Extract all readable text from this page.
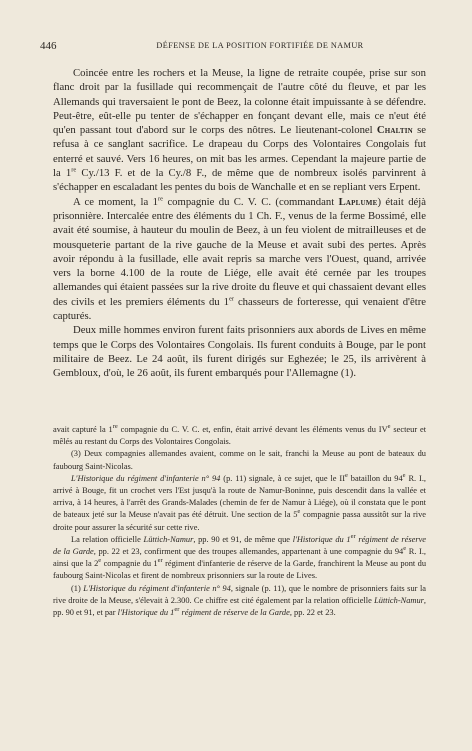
446	DÉFENSE DE LA POSITION FORTIFIÉE DE NAMUR

Coincée entre les rochers et la Meuse, la ligne de retraite coupée, prise sur son flanc droit par la fusillade qui recommençait de l'autre côté du fleuve, et par les Allemands qui traversaient le pont de Beez, la colonne était impuissante à se défendre. Peut-être, eût-elle pu tenter de s'échapper en fonçant devant elle, mais ce n'eut été qu'en passant tout d'abord sur le corps des nôtres. Le lieutenant-colonel Chaltin se refusa à ce sanglant sacrifice. Le drapeau du Corps des Volontaires Congolais fut enterré et sauvé. Vers 16 heures, on mit bas les armes. Cependant la majeure partie de la 1re Cy./13 F. et de la Cy./8 F., de même que de nombreux isolés parvinrent à s'échapper en escaladant les pentes du bois de Wanchalle et en se repliant vers Erpent.

A ce moment, la 1re compagnie du C. V. C. (commandant Laplume) était déjà prisonnière. Intercalée entre des éléments du 1 Ch. F., venus de la ferme Bossimé, elle avait été soumise, à hauteur du moulin de Beez, à un feu violent de mitrailleuses et de mousqueterie partant de la rive gauche de la Meuse et avait subi des pertes. Après avoir répondu à la fusillade, elle avait repris sa marche vers l'Ouest, quand, arrivée vers la borne 4.100 de la route de Liége, elle avait été cernée par les troupes allemandes qui étaient passées sur la rive droite du fleuve et qui chassaient devant elles des civils et les premiers éléments du 1er chasseurs de forteresse, qui venaient d'être capturés.

Deux mille hommes environ furent faits prisonniers aux abords de Lives en même temps que le Corps des Volontaires Congolais. Ils furent conduits à Bouge, par le pont militaire de Beez. Le 24 août, ils furent dirigés sur Eghezée; le 25, ils arrivèrent à Gembloux, d'où, le 26 août, ils furent embarqués pour l'Allemagne (1).

avait capturé la 1re compagnie du C. V. C. et, enfin, était arrivé devant les éléments venus du IVe secteur et mêlés au restant du Corps des Volontaires Congolais.

(3) Deux compagnies allemandes avaient, comme on le sait, franchi la Meuse au pont de bateaux du faubourg Saint-Nicolas.

L'Historique du régiment d'infanterie n° 94 (p. 11) signale, à ce sujet, que le IIe bataillon du 94e R. I., arrivé à Bouge, fit un crochet vers l'Est jusqu'à la route de Namur-Boninne, puis descendit dans la vallée et arriva, à 14 heures, à l'arrêt des Grands-Malades (chemin de fer de Namur à Liége), où il constata que le pont de bateaux jeté sur la Meuse n'avait pas été détruit. Une section de la 5e compagnie passa aussitôt sur la rive droite pour assurer la sécurité sur cette rive.

La relation officielle Lüttich-Namur, pp. 90 et 91, de même que l'Historique du 1er régiment de réserve de la Garde, pp. 22 et 23, confirment que des troupes allemandes, appartenant à une compagnie du 94e R. I., ainsi que la 2e compagnie du 1er régiment d'infanterie de réserve de la Garde, franchirent la Meuse au pont du faubourg Saint-Nicolas et firent de nombreux prisonniers sur la route de Lives.

(1) L'Historique du régiment d'infanterie n° 94, signale (p. 11), que le nombre de prisonniers faits sur la rive droite de la Meuse, s'élevait à 2.300. Ce chiffre est cité également par la relation officielle Lüttich-Namur, pp. 90 et 91, et par l'Historique du 1er régiment de réserve de la Garde, pp. 22 et 23.
